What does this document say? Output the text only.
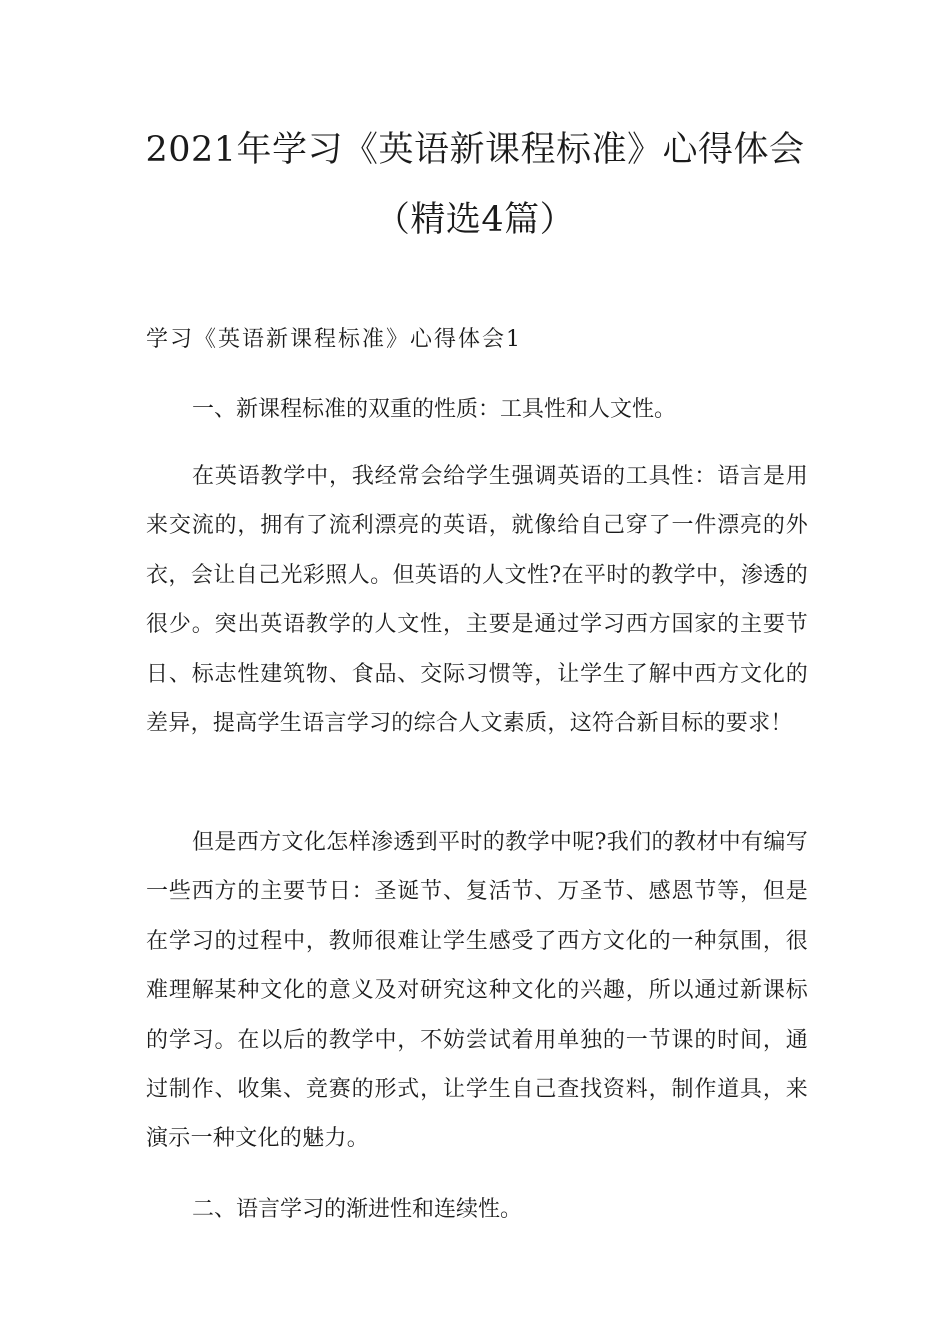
2021年学习《英语新课程标准》心得体会
（精选4篇）
学习《英语新课程标准》心得体会1
一、新课程标准的双重的性质：工具性和人文性。

在英语教学中，我经常会给学生强调英语的工具性：语言是用来交流的，拥有了流利漂亮的英语，就像给自己穿了一件漂亮的外衣，会让自己光彩照人。但英语的人文性?在平时的教学中，渗透的很少。突出英语教学的人文性，主要是通过学习西方国家的主要节日、标志性建筑物、食品、交际习惯等，让学生了解中西方文化的差异，提高学生语言学习的综合人文素质，这符合新目标的要求！

但是西方文化怎样渗透到平时的教学中呢?我们的教材中有编写一些西方的主要节日：圣诞节、复活节、万圣节、感恩节等，但是在学习的过程中，教师很难让学生感受了西方文化的一种氛围，很难理解某种文化的意义及对研究这种文化的兴趣，所以通过新课标的学习。在以后的教学中，不妨尝试着用单独的一节课的时间，通过制作、收集、竞赛的形式，让学生自己查找资料，制作道具，来演示一种文化的魅力。

二、语言学习的渐进性和连续性。
